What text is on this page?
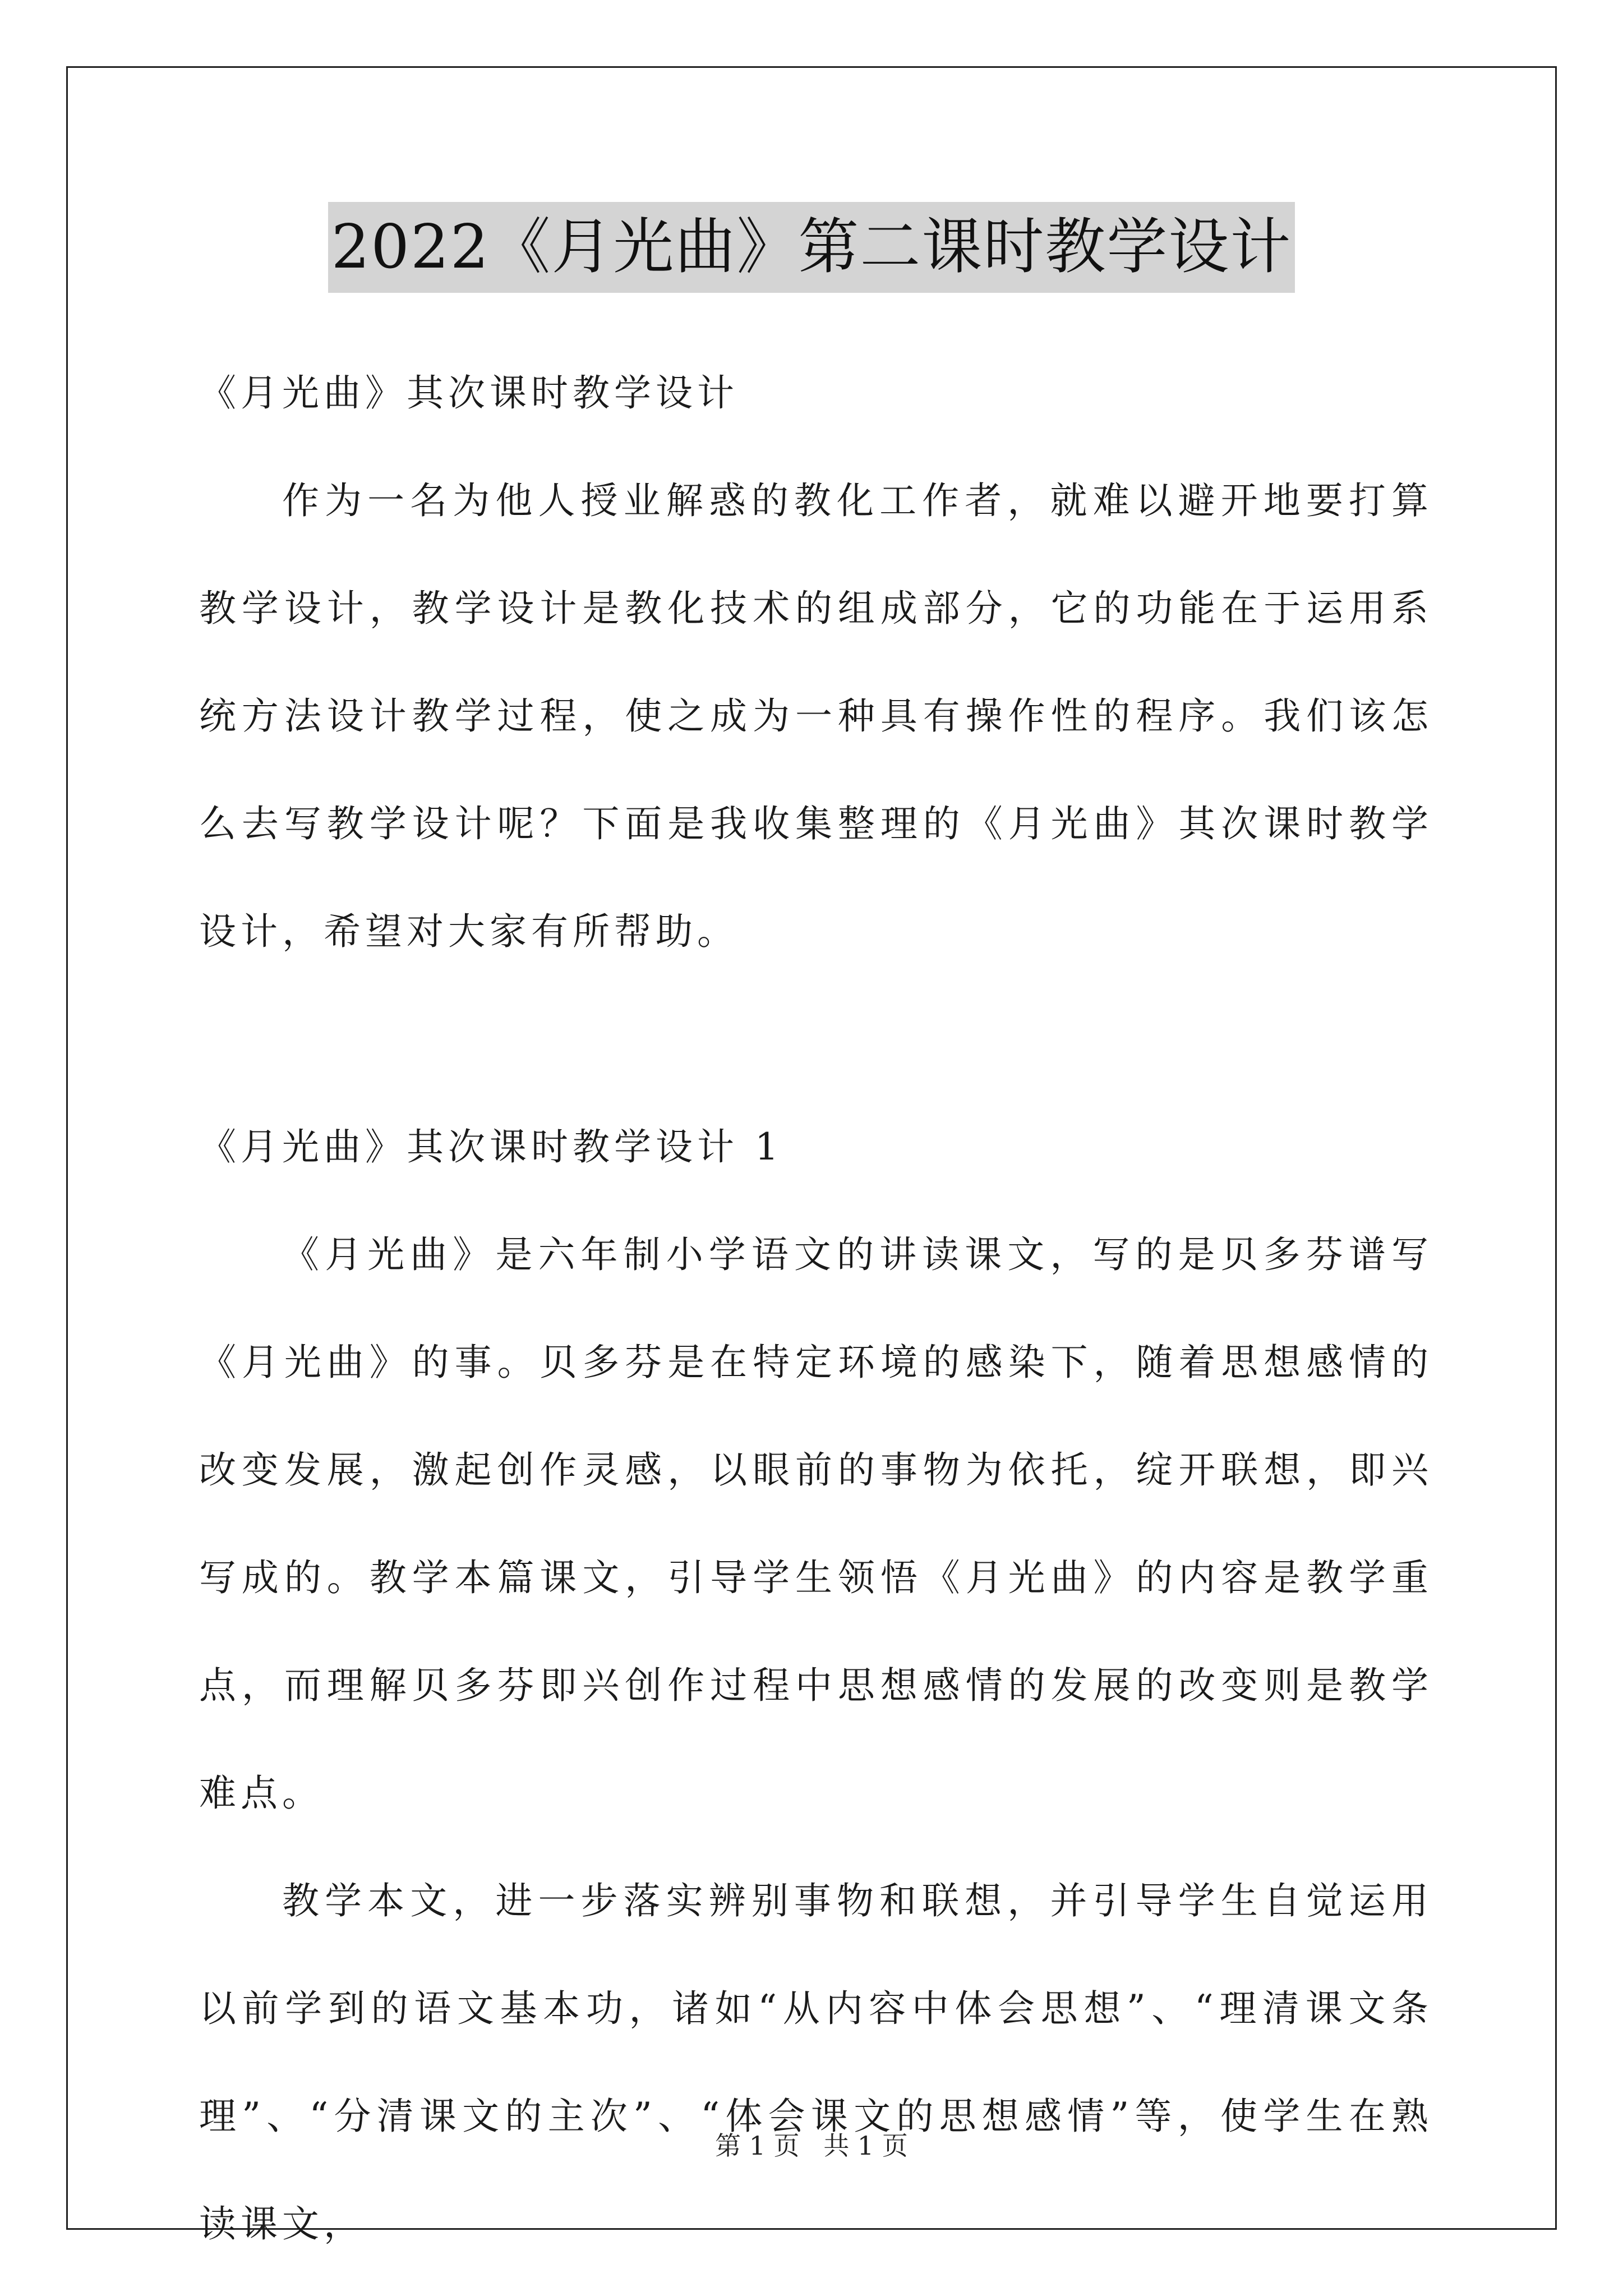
2022《月光曲》第二课时教学设计

《月光曲》其次课时教学设计

作为一名为他人授业解惑的教化工作者，就难以避开地要打算教学设计，教学设计是教化技术的组成部分，它的功能在于运用系统方法设计教学过程，使之成为一种具有操作性的程序。我们该怎么去写教学设计呢？下面是我收集整理的《月光曲》其次课时教学设计，希望对大家有所帮助。

《月光曲》其次课时教学设计 1

《月光曲》是六年制小学语文的讲读课文，写的是贝多芬谱写《月光曲》的事。贝多芬是在特定环境的感染下，随着思想感情的改变发展，激起创作灵感，以眼前的事物为依托，绽开联想，即兴写成的。教学本篇课文，引导学生领悟《月光曲》的内容是教学重点，而理解贝多芬即兴创作过程中思想感情的发展的改变则是教学难点。

教学本文，进一步落实辨别事物和联想，并引导学生自觉运用以前学到的语文基本功，诸如“从内容中体会思想”、“理清课文条理”、“分清课文的主次”、“体会课文的思想感情”等，使学生在熟读课文，

第 1 页 共 1 页
